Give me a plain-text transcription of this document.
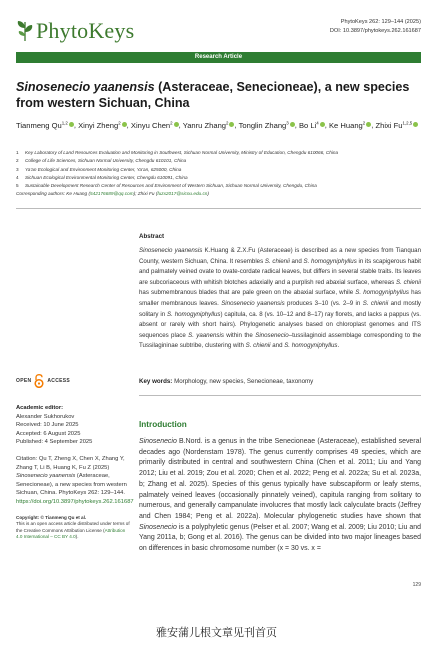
PhytoKeys	PhytoKeys 262: 129–144 (2025)
DOI: 10.3897/phytokeys.262.161687
Research Article
Sinosenecio yaanensis (Asteraceae, Senecioneae), a new species
from western Sichuan, China
Tianmeng Qu$^{1,2}$ , Xinyi Zheng$^2$ , Xinyu Chen$^2$ , Yanru Zhang$^2$ , Tonglin Zhang$^3$ , Bo Li$^4$ , Ke Huang$^2$ , Zhixi Fu$^{1,2,5}$
1	Key Laboratory of Land Resources Evaluation and Monitoring in Southwest, Sichuan Normal University, Ministry of Education, Chengdu 610066, China
2	College of Life Sciences, Sichuan Normal University, Chengdu 610101, China
3	Ya'an Ecological and Environment Monitoring Center, Ya'an, 625000, China
4	Sichuan Ecological Environmental Monitoring Center, Chengdu 610091, China
5	Sustainable Development Research Center of Resources and Environment of Western Sichuan, Sichuan Normal University, Chengdu, China
Corresponding authors: Ke Huang (542176689@qq.com); Zhixi Fu (fuzx2017@sicnu.edu.cn)
Abstract
Sinosenecio yaanensis K.Huang & Z.X.Fu (Asteraceae) is described as a new species from Tianquan County, western Sichuan, China. It resembles S. chienii and S. homogyniphyllus in its scapigerous habit and palmately veined ovate to ovate-cordate radical leaves, but differs in several stable traits. Its leaves are subcoriaceous with whitish blotches adaxially and a purplish red abaxial surface, whereas S. chienii has submembranous blades that are pale green on the abaxial surface, while S. homogyniphyllus has smaller membranous leaves. Sinosenecio yaanensis produces 3–10 (vs. 2–9 in S. chienii and mostly solitary in S. homogyniphyllus) capitula, ca. 8 (vs. 10–12 and 8–17) ray florets, and lacks a pappus (vs. absent or rarely with short hairs). Phylogenetic analyses based on chloroplast genomes and ITS sequences place S. yaanensis within the Sinosenecio–tussilaginoid assemblage corresponding to the Tussilagininae subtribe, clustering with S. chienii and S. homogyniphyllus.
OPEN	ACCESS	Key words: Morphology, new species, Senecioneae, taxonomy
Academic editor:
Alexander Sukhorukov
Received: 10 June 2025
Accepted: 6 August 2025
Published: 4 September 2025
Citation: Qu T, Zheng X, Chen X, Zhang Y, Zhang T, Li B, Huang K, Fu Z (2025) Sinosenecio yaanensis (Asteraceae, Senecioneae), a new species from western Sichuan, China. PhytoKeys 262: 129–144. https://doi.org/10.3897/phytokeys.262.161687
Copyright: © Tianmeng Qu et al.
This is an open access article distributed under terms of the Creative Commons Attribution License (Attribution 4.0 International – CC BY 4.0).
Introduction
Sinosenecio B.Nord. is a genus in the tribe Senecioneae (Asteraceae), established several decades ago (Nordenstam 1978). The genus currently comprises 49 species, which are primarily distributed in central and southwestern China (Chen et al. 2011; Liu and Yang 2012; Liu et al. 2019; Zou et al. 2020; Chen et al. 2022; Peng et al. 2022a; Su et al. 2023a, b; Zhang et al. 2025). Species of this genus typically have subscapiform or leafy stems, palmately veined leaves (occasionally pinnately veined), capitula ranging from solitary to numerous, and generally campanulate involucres that mostly lack calyculate bracts (Jeffrey and Chen 1984; Peng et al. 2022a). Molecular phylogenetic studies have shown that Sinosenecio is a polyphyletic genus (Pelser et al. 2007; Wang et al. 2009; Liu 2010; Liu and Yang 2011a, b; Gong et al. 2016). The genus can be divided into two major lineages based on differences in basic chromosome number (x = 30 vs. x =
129
雅安蒲儿根文章见刊首页
